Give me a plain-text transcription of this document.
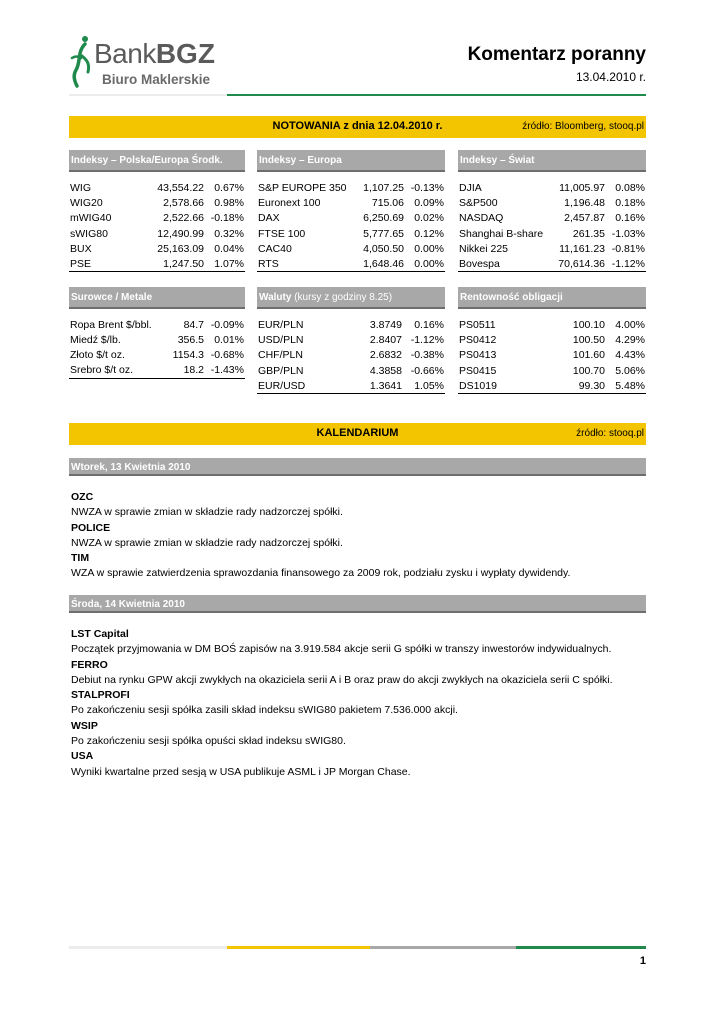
BankBGZ
Biuro Maklerskie
Komentarz poranny
13.04.2010 r.
NOTOWANIA z dnia 12.04.2010 r.	źródło: Bloomberg, stooq.pl
Indeksy – Polska/Europa Środk.	Indeksy – Europa	Indeksy – Świat
WIG	43,554.22	0.67%
WIG20	2,578.66	0.98%
mWIG40	2,522.66	-0.18%
sWIG80	12,490.99	0.32%
BUX	25,163.09	0.04%
PSE	1,247.50	1.07%
S&P EUROPE 350	1,107.25	-0.13%
Euronext 100	715.06	0.09%
DAX	6,250.69	0.02%
FTSE 100	5,777.65	0.12%
CAC40	4,050.50	0.00%
RTS	1,648.46	0.00%
DJIA	11,005.97	0.08%
S&P500	1,196.48	0.18%
NASDAQ	2,457.87	0.16%
Shanghai B-share	261.35	-1.03%
Nikkei 225	11,161.23	-0.81%
Bovespa	70,614.36	-1.12%
Surowce / Metale	Waluty (kursy z godziny 8.25)	Rentowność obligacji
Ropa Brent $/bbl.	84.7	-0.09%
Miedź $/lb.	356.5	0.01%
Złoto $/t oz.	1154.3	-0.68%
Srebro $/t oz.	18.2	-1.43%
EUR/PLN	3.8749	0.16%
USD/PLN	2.8407	-1.12%
CHF/PLN	2.6832	-0.38%
GBP/PLN	4.3858	-0.66%
EUR/USD	1.3641	1.05%
PS0511	100.10	4.00%
PS0412	100.50	4.29%
PS0413	101.60	4.43%
PS0415	100.70	5.06%
DS1019	99.30	5.48%
KALENDARIUM	źródło: stooq.pl
Wtorek, 13 Kwietnia 2010
OZC
NWZA w sprawie zmian w składzie rady nadzorczej spółki.
POLICE
NWZA w sprawie zmian w składzie rady nadzorczej spółki.
TIM
WZA w sprawie zatwierdzenia sprawozdania finansowego za 2009 rok, podziału zysku i wypłaty dywidendy.
Środa, 14 Kwietnia 2010
LST Capital
Początek przyjmowania w DM BOŚ zapisów na 3.919.584 akcje serii G spółki w transzy inwestorów indywidualnych.
FERRO
Debiut na rynku GPW akcji zwykłych na okaziciela serii A i B oraz praw do akcji zwykłych na okaziciela serii C spółki.
STALPROFI
Po zakończeniu sesji spółka zasili skład indeksu sWIG80 pakietem 7.536.000 akcji.
WSIP
Po zakończeniu sesji spółka opuści skład indeksu sWIG80.
USA
Wyniki kwartalne przed sesją w USA publikuje ASML i JP Morgan Chase.
1
